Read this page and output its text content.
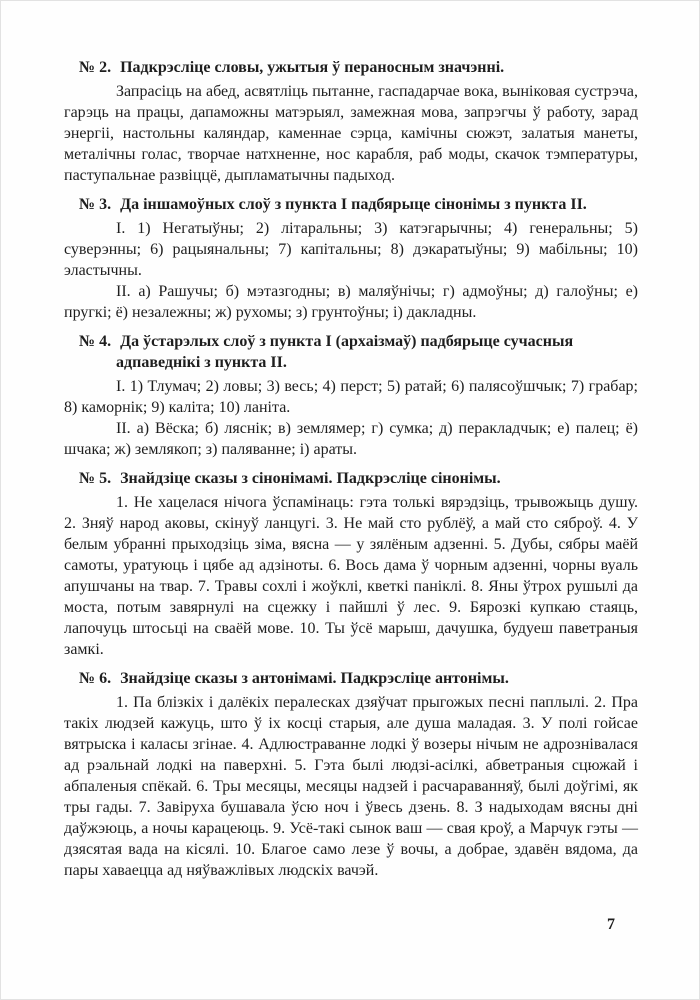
№ 2. Падкрэсліце словы, ужытыя ў пераносным значэнні.

Запрасіць на абед, асвятліць пытанне, гаспадарчае вока, выніковая сустрэча, гарэць на працы, дапаможны матэрыял, замежная мова, запрэгчы ў работу, зарад энергіі, настольны каляндар, каменнае сэрца, камічны сюжэт, залатыя манеты, металічны голас, творчае натхненне, нос карабля, раб моды, скачок тэмпературы, паступальнае развіццё, дыпламатычны падыход.

№ 3. Да іншамоўных слоў з пункта I падбярыце сінонімы з пункта II.

I. 1) Негатыўны; 2) літаральны; 3) катэгарычны; 4) генеральны; 5) суверэнны; 6) рацыянальны; 7) капітальны; 8) дэкаратыўны; 9) мабільны; 10) эластычны.

II. а) Рашучы; б) мэтазгодны; в) маляўнічы; г) адмоўны; д) галоўны; е) пругкі; ё) незалежны; ж) рухомы; з) грунтоўны; і) дакладны.

№ 4. Да ўстарэлых слоў з пункта I (архаізмаў) падбярыце сучасныя адпаведнікі з пункта II.

I. 1) Тлумач; 2) ловы; 3) весь; 4) перст; 5) ратай; 6) палясоўшчык; 7) грабар; 8) каморнік; 9) каліта; 10) ланіта.

II. а) Вёска; б) ляснік; в) землямер; г) сумка; д) перакладчык; е) палец; ё) шчака; ж) землякоп; з) паляванне; і) араты.

№ 5. Знайдзіце сказы з сінонімамі. Падкрэсліце сінонімы.

1. Не хацелася нічога ўспамінаць: гэта толькі вярэдзіць, трывожыць душу. 2. Зняў народ аковы, скінуў ланцугі. 3. Не май сто рублёў, а май сто сяброў. 4. У белым убранні прыходзіць зіма, вясна — у зялёным адзенні. 5. Дубы, сябры маёй самоты, уратуюць і цябе ад адзіноты. 6. Вось дама ў чорным адзенні, чорны вуаль апушчаны на твар. 7. Травы сохлі і жоўклі, кветкі паніклі. 8. Яны ўтрох рушылі да моста, потым завярнулі на сцежку і пайшлі ў лес. 9. Бярозкі купкаю стаяць, лапочуць штосьці на сваёй мове. 10. Ты ўсё марыш, дачушка, будуеш паветраныя замкі.

№ 6. Знайдзіце сказы з антонімамі. Падкрэсліце антонімы.

1. Па блізкіх і далёкіх пералесках дзяўчат прыгожых песні паплылі. 2. Пра такіх людзей кажуць, што ў іх косці старыя, але душа маладая. 3. У полі гойсае вятрыска і каласы згінае. 4. Адлюстраванне лодкі ў возеры нічым не адрознівалася ад рэальнай лодкі на паверхні. 5. Гэта былі людзі-асілкі, абветраныя сцюжай і абпаленыя спёкай. 6. Тры месяцы, месяцы надзей і расчараванняў, былі доўгімі, як тры гады. 7. Завіруха бушавала ўсю ноч і ўвесь дзень. 8. З надыходам вясны дні даўжэюць, а ночы карацеюць. 9. Усё-такі сынок ваш — свая кроў, а Марчук гэты — дзясятая вада на кісялі. 10. Благое само лезе ў вочы, а добрае, здавён вядома, да пары хаваецца ад няўважлівых людскіх вачэй.

7
